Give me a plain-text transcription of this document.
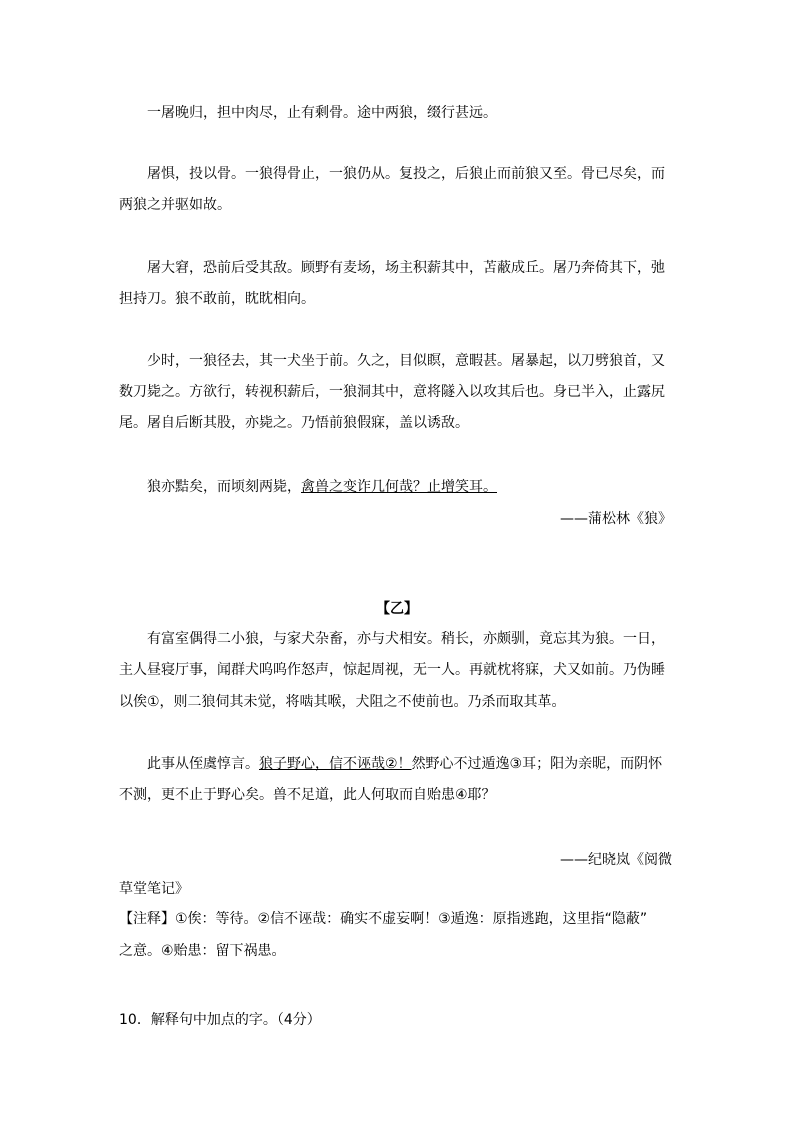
【乙】
——蒲松林《狼》
——纪晓岚《阅微
草堂笔记》
【注释】①俟：等待。②信不诬哉：确实不虚妄啊！③遁逸：原指逃跑，这里指“隐蔽”
之意。④贻患：留下祸患。
10．解释句中加点的字。（4分）
一屠晚归，担中肉尽，止有剩骨。途中两狼，缀行甚远。
屠惧，投以骨。一狼得骨止，一狼仍从。复投之，后狼止而前狼又至。骨已尽矣，而
两狼之并驱如故。
屠大窘，恐前后受其敌。顾野有麦场，场主积薪其中，苫蔽成丘。屠乃奔倚其下，弛
担持刀。狼不敢前，眈眈相向。
少时，一狼径去，其一犬坐于前。久之，目似瞑，意暇甚。屠暴起，以刀劈狼首，又
数刀毙之。方欲行，转视积薪后，一狼洞其中，意将隧入以攻其后也。身已半入，止露尻
尾。屠自后断其股，亦毙之。乃悟前狼假寐，盖以诱敌。
狼亦黠矣，而顷刻两毙，禽兽之变诈几何哉？止增笑耳。
有富室偶得二小狼，与家犬杂畜，亦与犬相安。稍长，亦颇驯，竟忘其为狼。一日，
主人昼寝厅事，闻群犬呜呜作怒声，惊起周视，无一人。再就枕将寐，犬又如前。乃伪睡
以俟①，则二狼伺其未觉，将啮其喉，犬阻之不使前也。乃杀而取其革。
此事从侄虞惇言。狼子野心，信不诬哉②！然野心不过遁逸③耳；阳为亲昵，而阴怀
不测，更不止于野心矣。兽不足道，此人何取而自贻患④耶？
